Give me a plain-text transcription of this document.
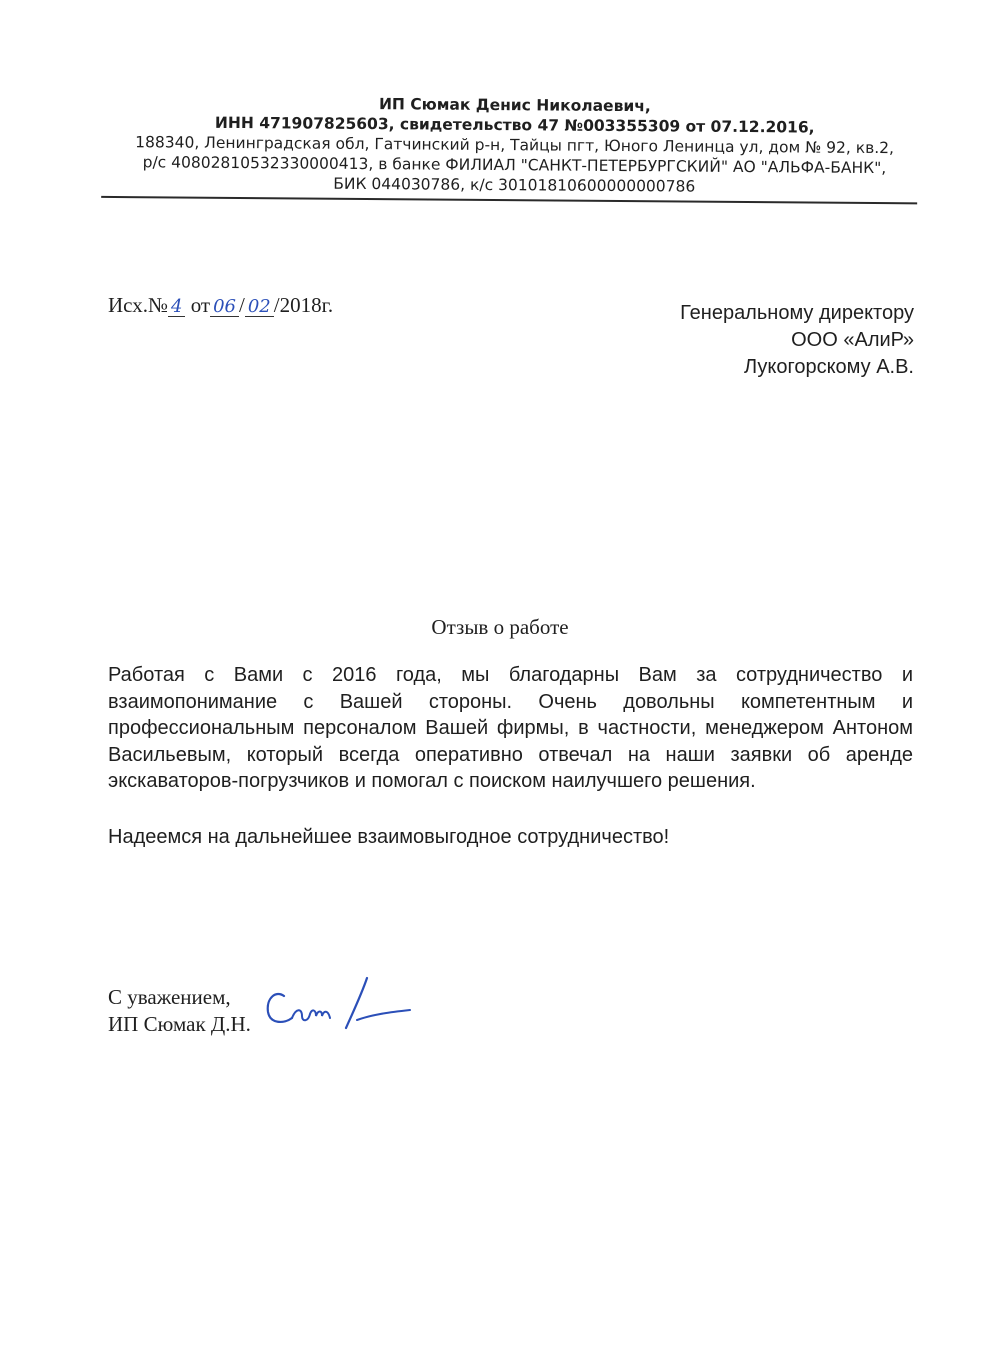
ИП Сюмак Денис Николаевич,
ИНН 471907825603, свидетельство 47 №003355309 от 07.12.2016,
188340, Ленинградская обл, Гатчинский р-н, Тайцы пгт, Юного Ленинца ул, дом № 92, кв.2,
р/с 40802810532330000413, в банке ФИЛИАЛ "САНКТ-ПЕТЕРБУРГСКИЙ" АО "АЛЬФА-БАНК",
БИК 044030786, к/с 30101810600000000786
Исх.№ 4 от 06 / 02 /2018г.	Генеральному директору
ООО «АлиР»
Лукогорскому А.В.
Отзыв о работе
Работая с Вами с 2016 года, мы благодарны Вам за сотрудничество и взаимопонимание с Вашей стороны. Очень довольны компетентным и профессиональным персоналом Вашей фирмы, в частности, менеджером Антоном Васильевым, который всегда оперативно отвечал на наши заявки об аренде экскаваторов-погрузчиков и помогал с поиском наилучшего решения.
Надеемся на дальнейшее взаимовыгодное сотрудничество!
С уважением,
ИП Сюмак Д.Н.
